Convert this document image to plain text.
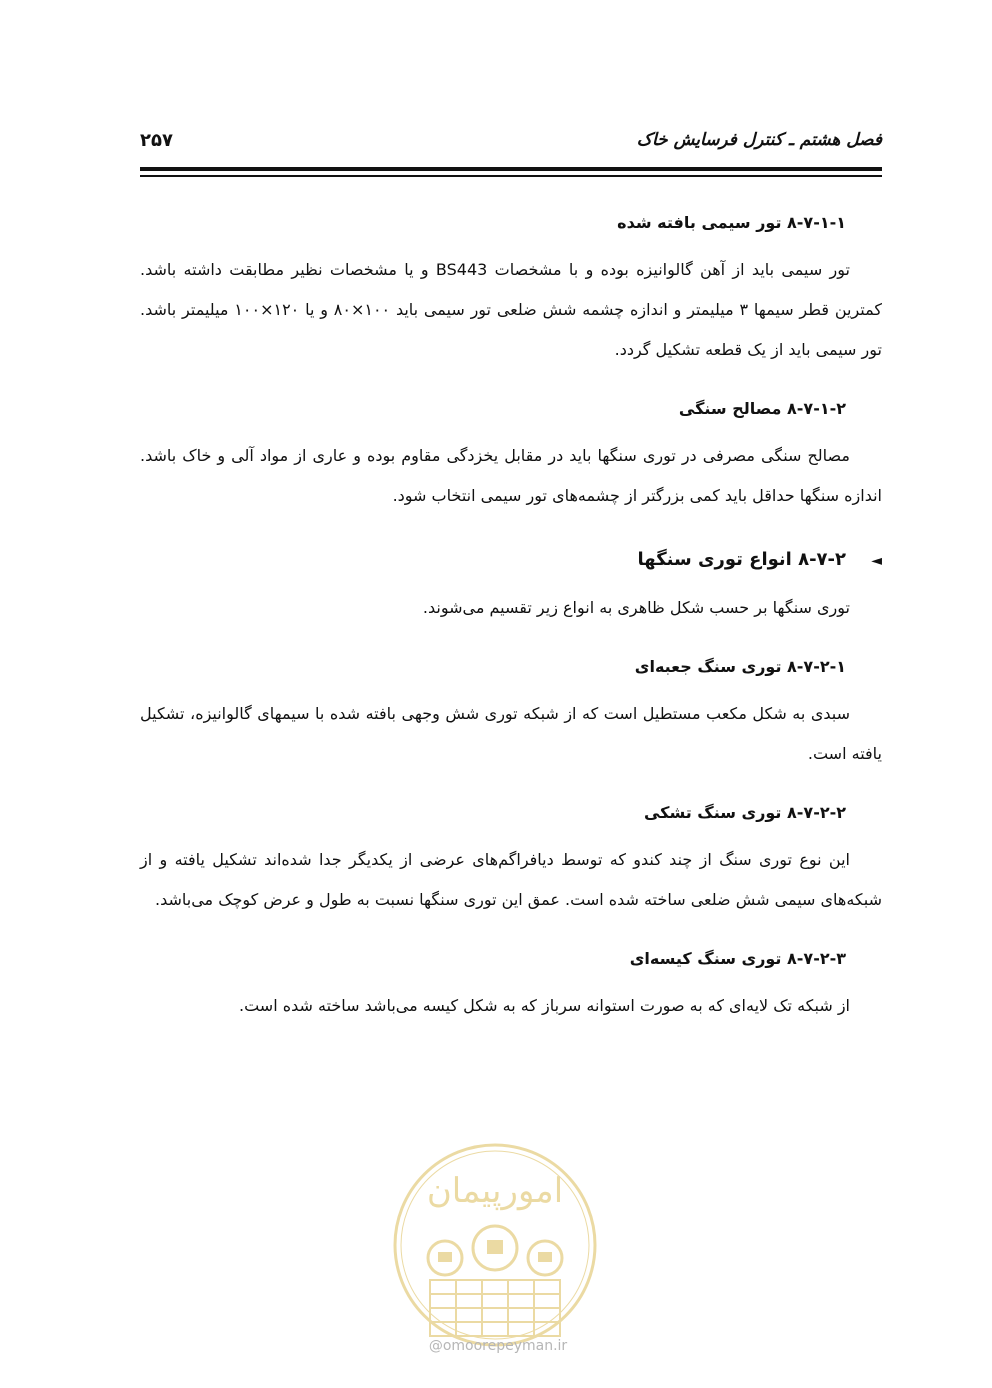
فصل هشتم ـ کنترل فرسایش خاک
۲۵۷
۸-۷-۱-۱ تور سیمی بافته شده

تور سیمی باید از آهن گالوانیزه بوده و با مشخصات BS443 و یا مشخصات نظیر مطابقت داشته باشد. کمترین قطر سیمها ۳ میلیمتر و اندازه چشمه شش ضلعی تور سیمی باید ۱۰۰×۸۰ و یا ۱۲۰×۱۰۰ میلیمتر باشد. تور سیمی باید از یک قطعه تشکیل گردد.

۸-۷-۱-۲ مصالح سنگی

مصالح سنگی مصرفی در توری سنگها باید در مقابل یخزدگی مقاوم بوده و عاری از مواد آلی و خاک باشد. اندازه سنگها حداقل باید کمی بزرگتر از چشمه‌های تور سیمی انتخاب شود.

◄
۸-۷-۲ انواع توری سنگها

توری سنگها بر حسب شکل ظاهری به انواع زیر تقسیم می‌شوند.

۸-۷-۲-۱ توری سنگ جعبه‌ای

سبدی به شکل مکعب مستطیل است که از شبکه توری شش وجهی بافته شده با سیمهای گالوانیزه، تشکیل یافته است.

۸-۷-۲-۲ توری سنگ تشکی

این نوع توری سنگ از چند کندو که توسط دیافراگم‌های عرضی از یکدیگر جدا شده‌اند تشکیل یافته و از شبکه‌های سیمی شش ضلعی ساخته شده است. عمق این توری سنگها نسبت به طول و عرض کوچک می‌باشد.

۸-۷-۲-۳ توری سنگ کیسه‌ای

از شبکه تک لایه‌ای که به صورت استوانه سرباز که به شکل کیسه می‌باشد ساخته شده است.

امورپیمان
@omoorepeyman.ir
